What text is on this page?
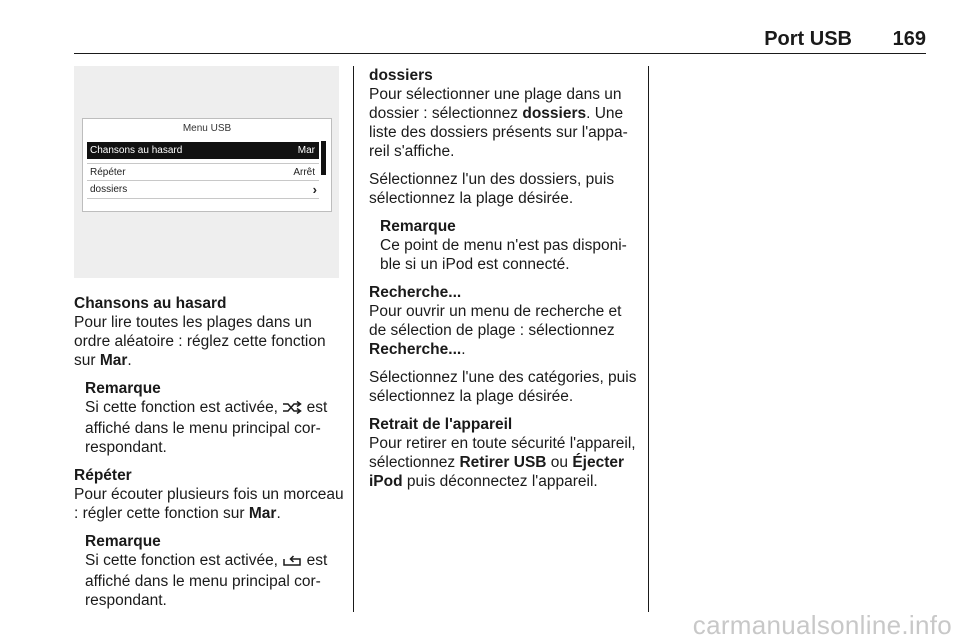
Port USB 169
Menu USB
Chansons au hasard	Mar
Répéter	Arrêt
dossiers	›
Chansons au hasard

Pour lire toutes les plages dans un ordre aléatoire : réglez cette fonction sur Mar.

Remarque
Si cette fonction est activée,  est affiché dans le menu principal correspondant.
Répéter

Pour écouter plusieurs fois un morceau : régler cette fonction sur Mar.

Remarque
Si cette fonction est activée,  est affiché dans le menu principal correspondant.
dossiers

Pour sélectionner une plage dans un dossier : sélectionnez dossiers. Une liste des dossiers présents sur l'appareil s'affiche.

Sélectionnez l'un des dossiers, puis sélectionnez la plage désirée.

Remarque
Ce point de menu n'est pas disponible si un iPod est connecté.
Recherche...

Pour ouvrir un menu de recherche et de sélection de plage : sélectionnez Recherche....

Sélectionnez l'une des catégories, puis sélectionnez la plage désirée.

Retrait de l'appareil

Pour retirer en toute sécurité l'appareil, sélectionnez Retirer USB ou Éjecter iPod puis déconnectez l'appareil.

carmanualsonline.info
